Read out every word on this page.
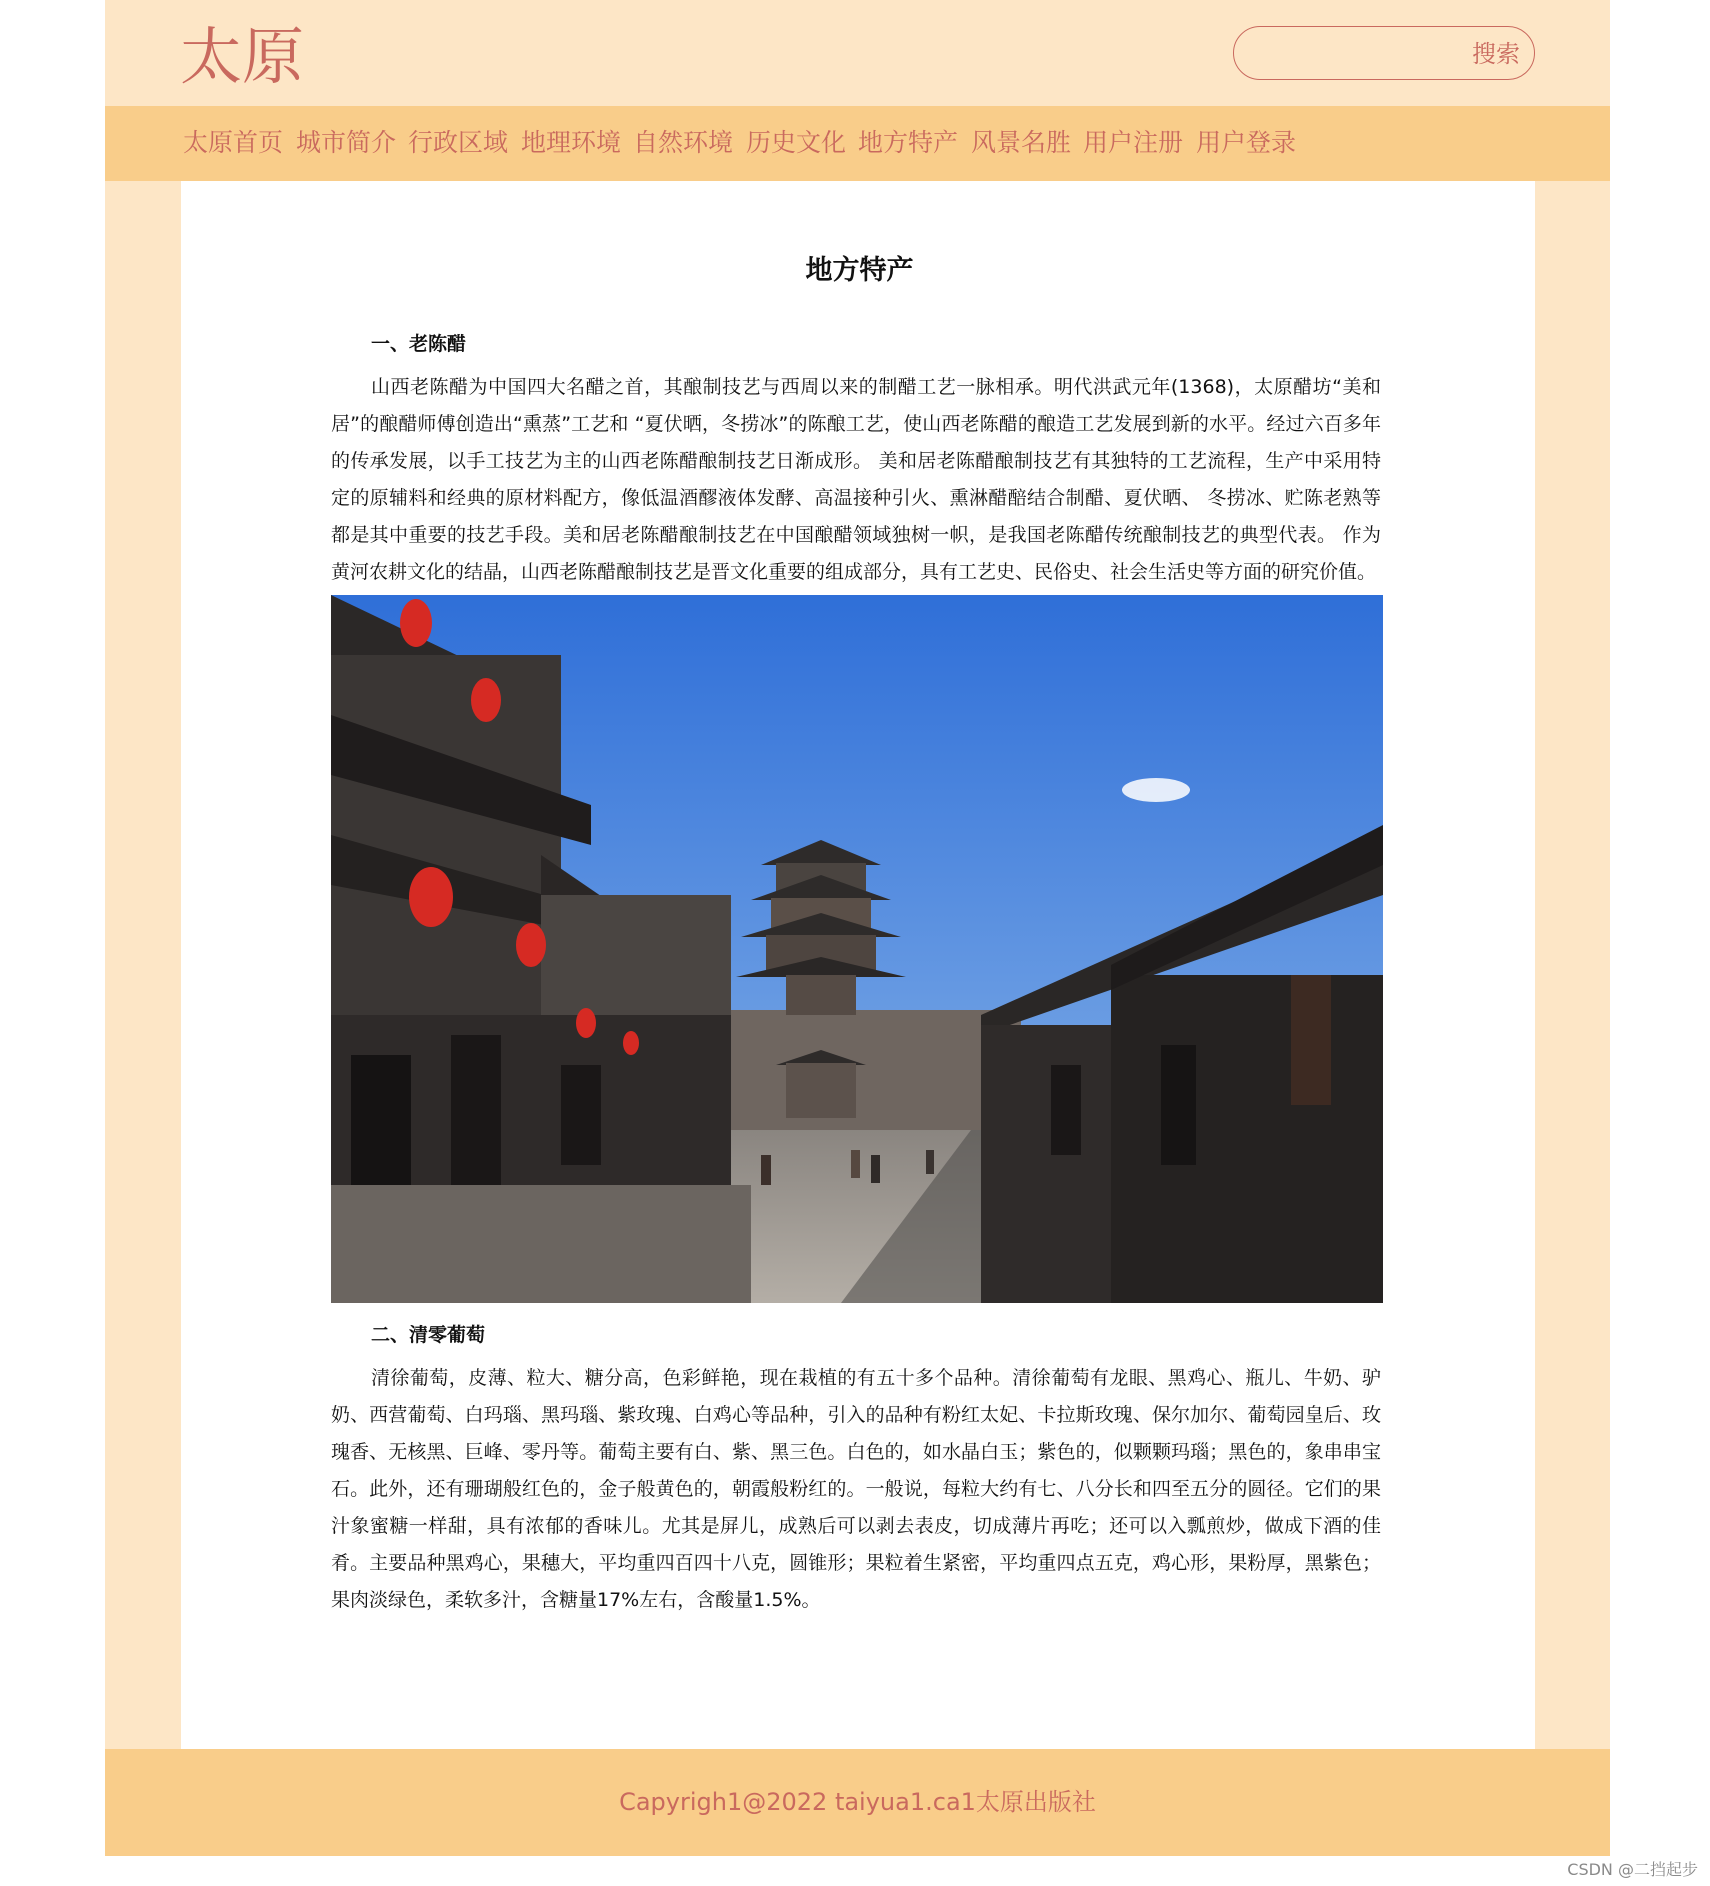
太原	搜索
太原首页 城市简介 行政区域 地理环境 自然环境 历史文化 地方特产 风景名胜 用户注册 用户登录
地方特产
一、老陈醋

山西老陈醋为中国四大名醋之首，其酿制技艺与西周以来的制醋工艺一脉相承。明代洪武元年(1368)，太原醋坊“美和居”的酿醋师傅创造出“熏蒸”工艺和 “夏伏晒，冬捞冰”的陈酿工艺，使山西老陈醋的酿造工艺发展到新的水平。经过六百多年的传承发展，以手工技艺为主的山西老陈醋酿制技艺日渐成形。 美和居老陈醋酿制技艺有其独特的工艺流程，生产中采用特定的原辅料和经典的原材料配方，像低温酒醪液体发酵、高温接种引火、熏淋醋醅结合制醋、夏伏晒、 冬捞冰、贮陈老熟等都是其中重要的技艺手段。美和居老陈醋酿制技艺在中国酿醋领域独树一帜，是我国老陈醋传统酿制技艺的典型代表。 作为黄河农耕文化的结晶，山西老陈醋酿制技艺是晋文化重要的组成部分，具有工艺史、民俗史、社会生活史等方面的研究价值。

二、清零葡萄

清徐葡萄，皮薄、粒大、糖分高，色彩鲜艳，现在栽植的有五十多个品种。清徐葡萄有龙眼、黑鸡心、瓶儿、牛奶、驴奶、西营葡萄、白玛瑙、黑玛瑙、紫玫瑰、白鸡心等品种，引入的品种有粉红太妃、卡拉斯玫瑰、保尔加尔、葡萄园皇后、玫瑰香、无核黑、巨峰、零丹等。葡萄主要有白、紫、黑三色。白色的，如水晶白玉；紫色的，似颗颗玛瑙；黑色的，象串串宝石。此外，还有珊瑚般红色的，金子般黄色的，朝霞般粉红的。一般说，每粒大约有七、八分长和四至五分的圆径。它们的果汁象蜜糖一样甜，具有浓郁的香味儿。尤其是屏儿，成熟后可以剥去表皮，切成薄片再吃；还可以入瓢煎炒，做成下酒的佳肴。主要品种黑鸡心，果穗大，平均重四百四十八克，圆锥形；果粒着生紧密，平均重四点五克，鸡心形，果粉厚，黑紫色；果肉淡绿色，柔软多汁，含糖量17%左右，含酸量1.5%。

Capyrigh1@2022 taiyua1.ca1太原出版社
CSDN @二挡起步
